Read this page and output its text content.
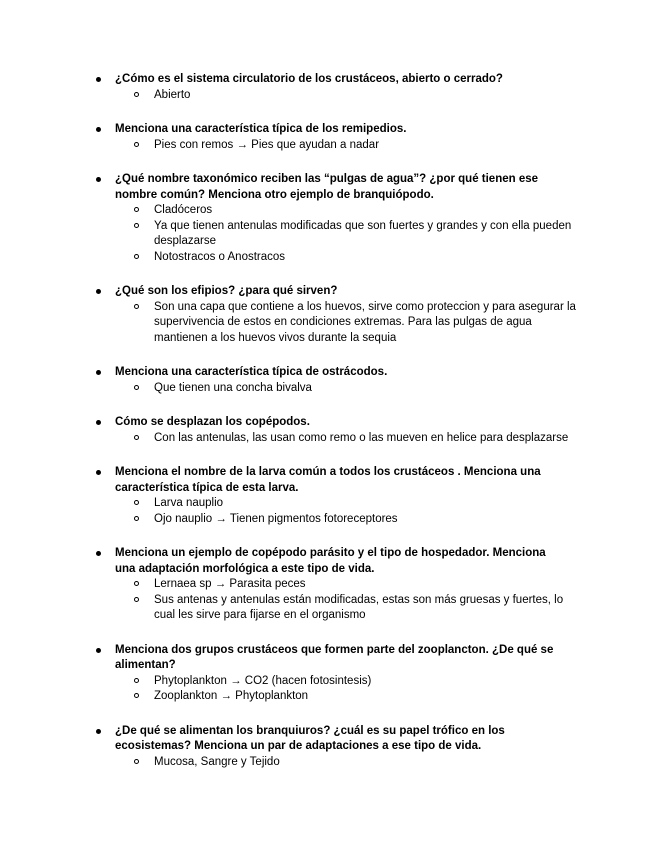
¿Cómo es el sistema circulatorio de los crustáceos, abierto o cerrado?
Abierto
Menciona una característica típica de los remipedios.
Pies con remos → Pies que ayudan a nadar
¿Qué nombre taxonómico reciben las “pulgas de agua”? ¿por qué tienen ese nombre común? Menciona otro ejemplo de branquiópodo.
Cladóceros
Ya que tienen antenulas modificadas que son fuertes y grandes y con ella pueden desplazarse
Notostracos o Anostracos
¿Qué son los efipios? ¿para qué sirven?
Son una capa que contiene a los huevos, sirve como proteccion y para asegurar la supervivencia de estos en condiciones extremas. Para las pulgas de agua mantienen a los huevos vivos durante la sequia
Menciona una característica típica de ostrácodos.
Que tienen una concha bivalva
Cómo se desplazan los copépodos.
Con las antenulas, las usan como remo o las mueven en helice para desplazarse
Menciona el nombre de la larva común a todos los crustáceos . Menciona una característica típica de esta larva.
Larva nauplio
Ojo nauplio → Tienen pigmentos fotoreceptores
Menciona un ejemplo de copépodo parásito y el tipo de hospedador. Menciona una adaptación morfológica a este tipo de vida.
Lernaea sp → Parasita peces
Sus antenas y antenulas están modificadas, estas son más gruesas y fuertes, lo cual les sirve para fijarse en el organismo
Menciona dos grupos crustáceos que formen parte del zooplancton. ¿De qué se alimentan?
Phytoplankton → CO2 (hacen fotosintesis)
Zooplankton → Phytoplankton
¿De qué se alimentan los branquiuros? ¿cuál es su papel trófico en los ecosistemas? Menciona un par de adaptaciones a ese tipo de vida.
Mucosa, Sangre y Tejido
